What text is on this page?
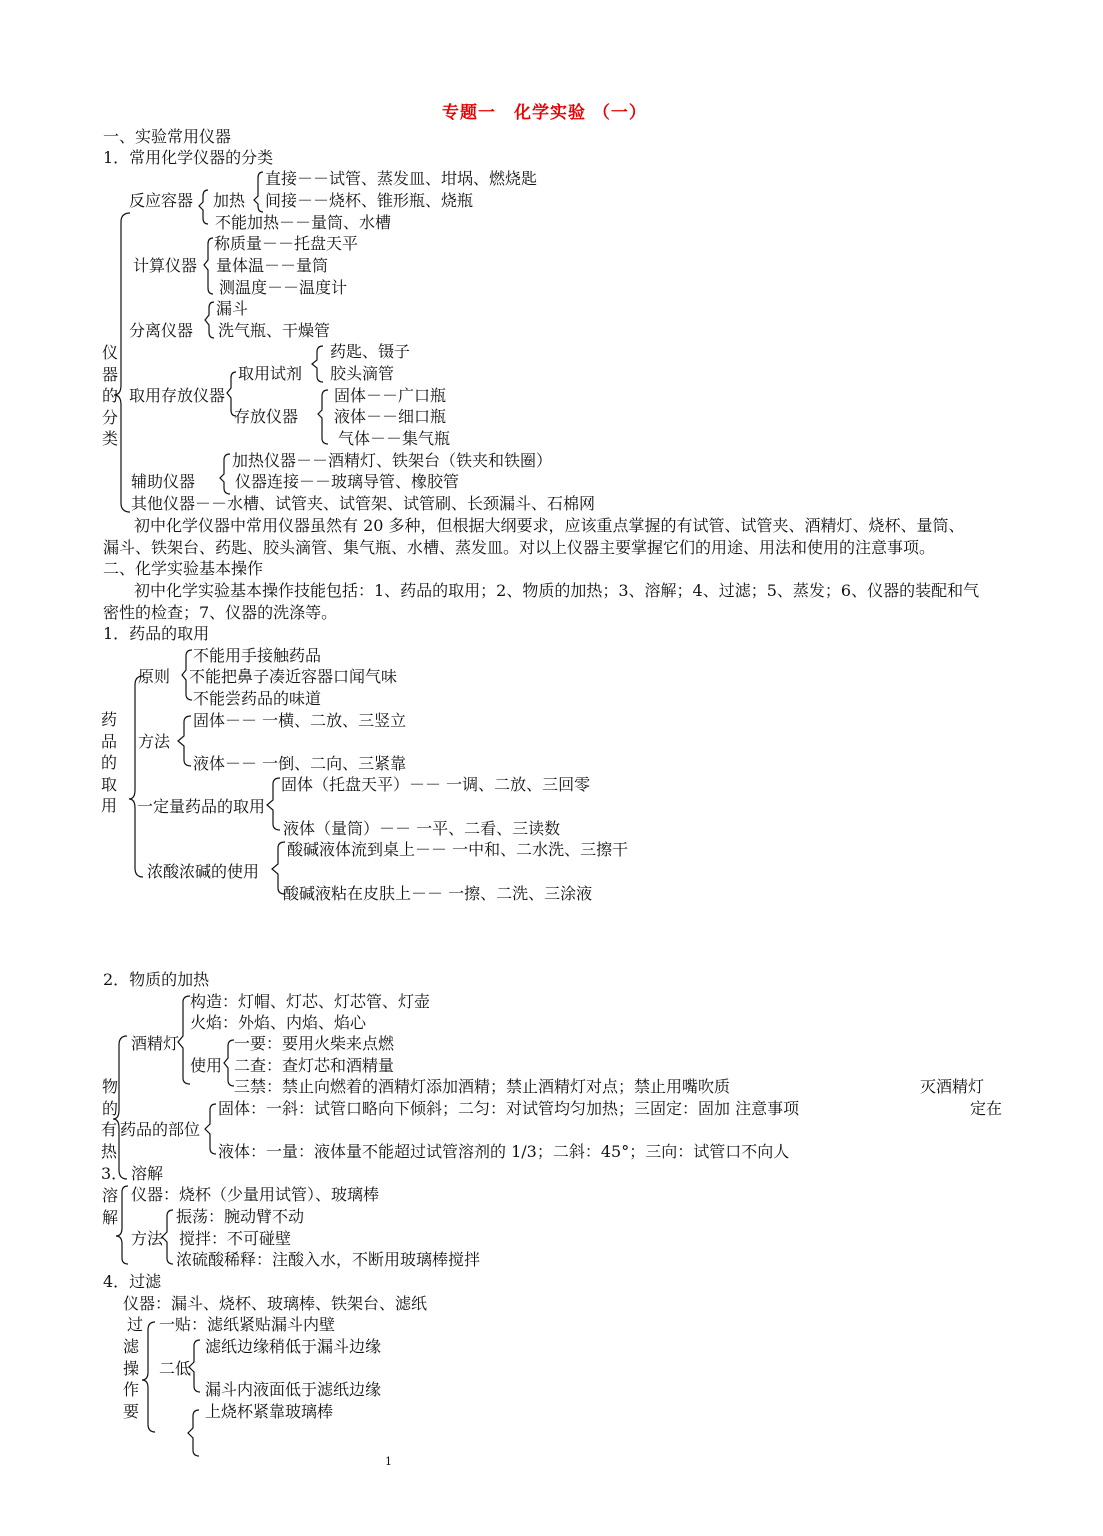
专题一　化学实验 （一）
一、实验常用仪器
1．常用化学仪器的分类
仪器的分类
反应容器 加热
直接－－试管、蒸发皿、坩埚、燃烧匙
间接－－烧杯、锥形瓶、烧瓶
不能加热－－量筒、水槽
计算仪器
称质量－－托盘天平
量体温－－量筒
测温度－－温度计
分离仪器
漏斗
洗气瓶、干燥管
取用存放仪器
取用试剂
药匙、镊子
胶头滴管
存放仪器
固体－－广口瓶
液体－－细口瓶
气体－－集气瓶
辅助仪器
加热仪器－－酒精灯、铁架台（铁夹和铁圈）
仪器连接－－玻璃导管、橡胶管
其他仪器－－水槽、试管夹、试管架、试管刷、长颈漏斗、石棉网
初中化学仪器中常用仪器虽然有 20 多种，但根据大纲要求，应该重点掌握的有试管、试管夹、酒精灯、烧杯、量筒、
漏斗、铁架台、药匙、胶头滴管、集气瓶、水槽、蒸发皿。对以上仪器主要掌握它们的用途、用法和使用的注意事项。
二、化学实验基本操作
初中化学实验基本操作技能包括：1、药品的取用；2、物质的加热；3、溶解；4、过滤；5、蒸发；6、仪器的装配和气
密性的检查；7、仪器的洗涤等。
1．药品的取用
药品的取用
原则
不能用手接触药品
不能把鼻子凑近容器口闻气味
不能尝药品的味道
方法
固体－－ 一横、二放、三竖立
液体－－ 一倒、二向、三紧靠
一定量药品的取用
固体（托盘天平）－－ 一调、二放、三回零
液体（量筒）－－ 一平、二看、三读数
浓酸浓碱的使用
酸碱液体流到桌上－－ 一中和、二水洗、三擦干
酸碱液粘在皮肤上－－ 一擦、二洗、三涂液
2．物质的加热
物的
有
热
酒精灯
构造：灯帽、灯芯、灯芯管、灯壶
火焰：外焰、内焰、焰心
使用
一要：要用火柴来点燃
二查：查灯芯和酒精量
三禁：禁止向燃着的酒精灯添加酒精；禁止酒精灯对点；禁止用嘴吹质	灭酒精灯
药品的部位
固体：一斜：试管口略向下倾斜；二匀：对试管均匀加热；三固定：固加 注意事项	定在
液体：一量：液体量不能超过试管溶剂的 1/3；二斜：45°；三向：试管口不向人
3． 溶解
溶解
仪器：烧杯（少量用试管）、玻璃棒
方法
振荡：腕动臂不动
搅拌：不可碰壁
浓硫酸稀释：注酸入水，不断用玻璃棒搅拌
4．过滤
仪器：漏斗、烧杯、玻璃棒、铁架台、滤纸
过
滤操作要
一贴：滤纸紧贴漏斗内壁
二低
滤纸边缘稍低于漏斗边缘
漏斗内液面低于滤纸边缘
上烧杯紧靠玻璃棒
1
